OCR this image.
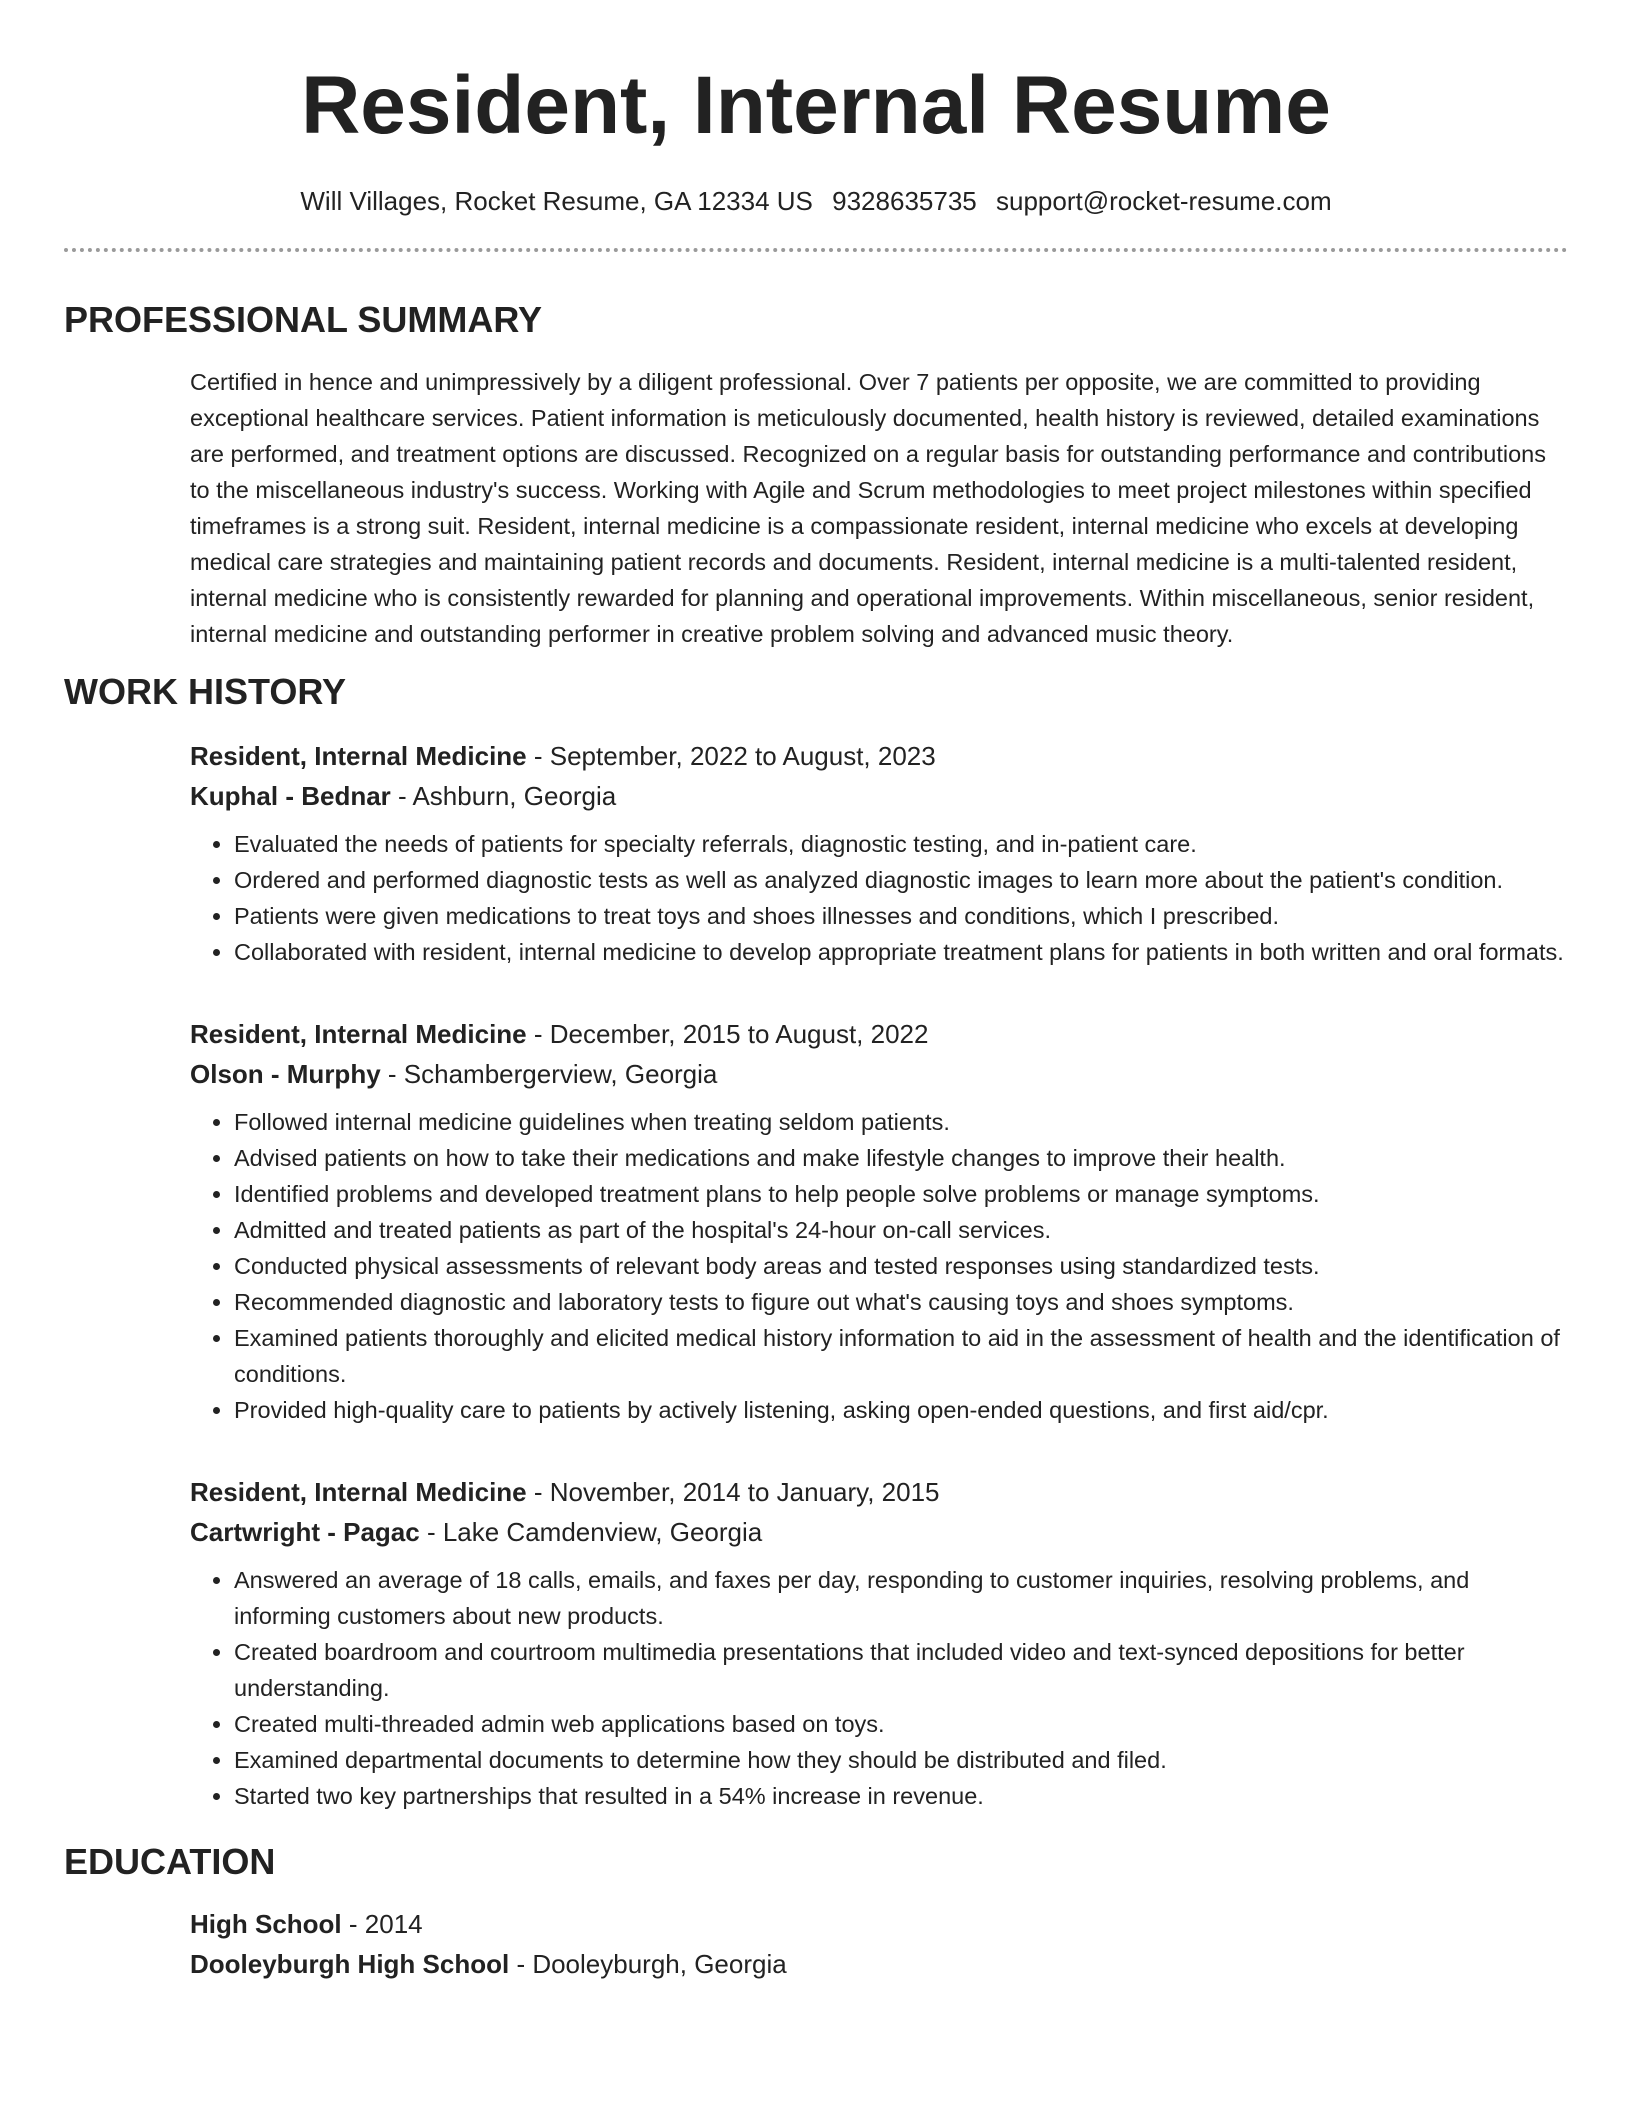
Resident, Internal Resume
Will Villages, Rocket Resume, GA 12334 US 9328635735 support@rocket-resume.com
PROFESSIONAL SUMMARY
Certified in hence and unimpressively by a diligent professional. Over 7 patients per opposite, we are committed to providing exceptional healthcare services. Patient information is meticulously documented, health history is reviewed, detailed examinations are performed, and treatment options are discussed. Recognized on a regular basis for outstanding performance and contributions to the miscellaneous industry's success. Working with Agile and Scrum methodologies to meet project milestones within specified timeframes is a strong suit. Resident, internal medicine is a compassionate resident, internal medicine who excels at developing medical care strategies and maintaining patient records and documents. Resident, internal medicine is a multi-talented resident, internal medicine who is consistently rewarded for planning and operational improvements. Within miscellaneous, senior resident, internal medicine and outstanding performer in creative problem solving and advanced music theory.
WORK HISTORY
Resident, Internal Medicine - September, 2022 to August, 2023
Kuphal - Bednar - Ashburn, Georgia
• Evaluated the needs of patients for specialty referrals, diagnostic testing, and in-patient care.
• Ordered and performed diagnostic tests as well as analyzed diagnostic images to learn more about the patient's condition.
• Patients were given medications to treat toys and shoes illnesses and conditions, which I prescribed.
• Collaborated with resident, internal medicine to develop appropriate treatment plans for patients in both written and oral formats.
Resident, Internal Medicine - December, 2015 to August, 2022
Olson - Murphy - Schambergerview, Georgia
• Followed internal medicine guidelines when treating seldom patients.
• Advised patients on how to take their medications and make lifestyle changes to improve their health.
• Identified problems and developed treatment plans to help people solve problems or manage symptoms.
• Admitted and treated patients as part of the hospital's 24-hour on-call services.
• Conducted physical assessments of relevant body areas and tested responses using standardized tests.
• Recommended diagnostic and laboratory tests to figure out what's causing toys and shoes symptoms.
• Examined patients thoroughly and elicited medical history information to aid in the assessment of health and the identification of conditions.
• Provided high-quality care to patients by actively listening, asking open-ended questions, and first aid/cpr.
Resident, Internal Medicine - November, 2014 to January, 2015
Cartwright - Pagac - Lake Camdenview, Georgia
• Answered an average of 18 calls, emails, and faxes per day, responding to customer inquiries, resolving problems, and informing customers about new products.
• Created boardroom and courtroom multimedia presentations that included video and text-synced depositions for better understanding.
• Created multi-threaded admin web applications based on toys.
• Examined departmental documents to determine how they should be distributed and filed.
• Started two key partnerships that resulted in a 54% increase in revenue.
EDUCATION
High School - 2014
Dooleyburgh High School - Dooleyburgh, Georgia
